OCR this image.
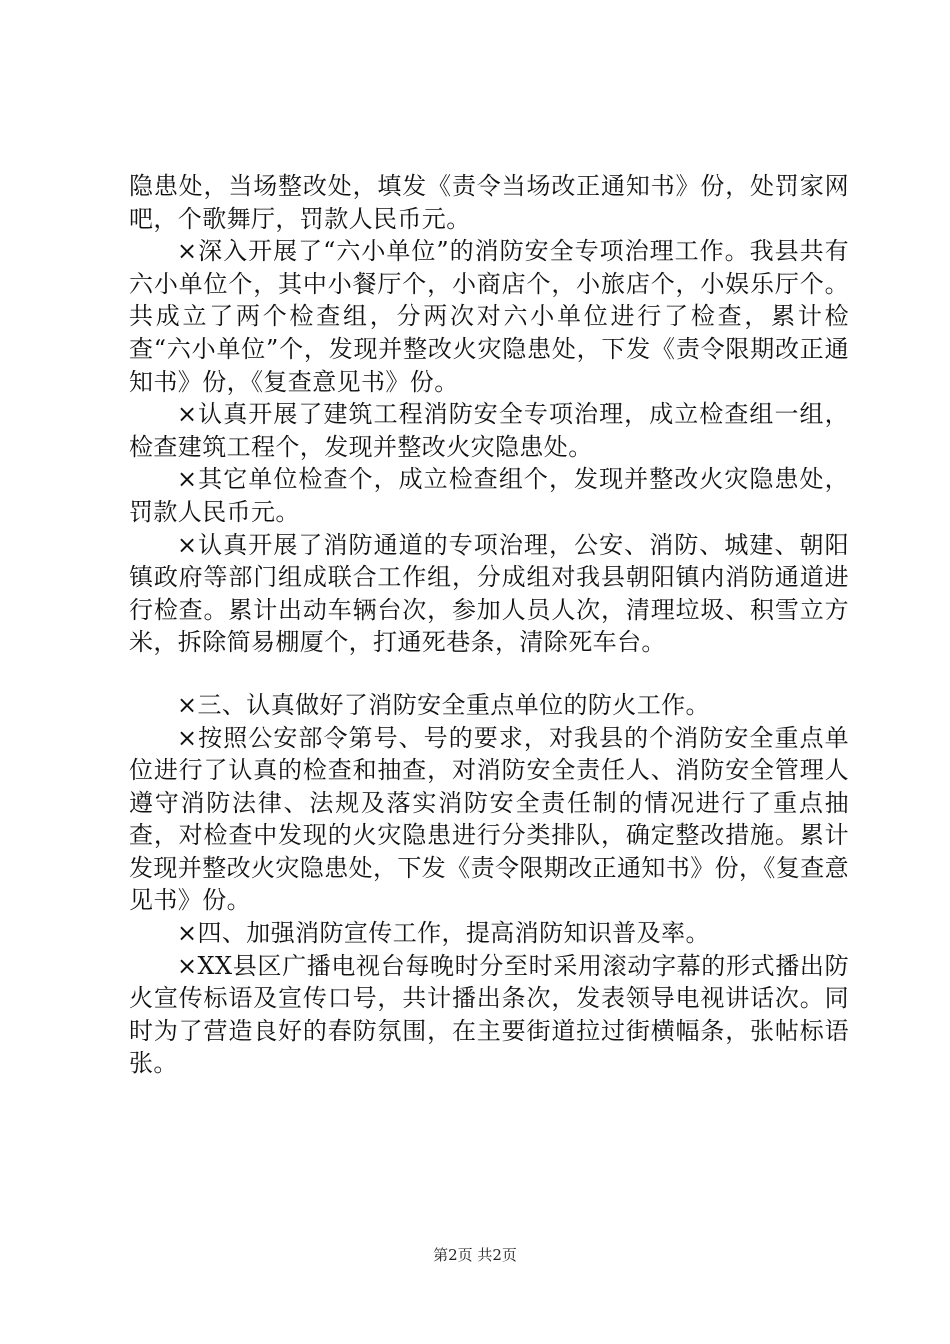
隐患处，当场整改处，填发《责令当场改正通知书》份，处罚家网吧，个歌舞厅，罚款人民币元。

×深入开展了“六小单位”的消防安全专项治理工作。我县共有六小单位个，其中小餐厅个，小商店个，小旅店个，小娱乐厅个。共成立了两个检查组，分两次对六小单位进行了检查，累计检查“六小单位”个，发现并整改火灾隐患处，下发《责令限期改正通知书》份，《复查意见书》份。

×认真开展了建筑工程消防安全专项治理，成立检查组一组，检查建筑工程个，发现并整改火灾隐患处。

×其它单位检查个，成立检查组个，发现并整改火灾隐患处，罚款人民币元。

×认真开展了消防通道的专项治理，公安、消防、城建、朝阳镇政府等部门组成联合工作组，分成组对我县朝阳镇内消防通道进行检查。累计出动车辆台次，参加人员人次，清理垃圾、积雪立方米，拆除简易棚厦个，打通死巷条，清除死车台。

×三、认真做好了消防安全重点单位的防火工作。

×按照公安部令第号、号的要求，对我县的个消防安全重点单位进行了认真的检查和抽查，对消防安全责任人、消防安全管理人遵守消防法律、法规及落实消防安全责任制的情况进行了重点抽查，对检查中发现的火灾隐患进行分类排队，确定整改措施。累计发现并整改火灾隐患处，下发《责令限期改正通知书》份，《复查意见书》份。

×四、加强消防宣传工作，提高消防知识普及率。

×XX县区广播电视台每晚时分至时采用滚动字幕的形式播出防火宣传标语及宣传口号，共计播出条次，发表领导电视讲话次。同时为了营造良好的春防氛围，在主要街道拉过街横幅条，张帖标语张。

第2页 共2页
